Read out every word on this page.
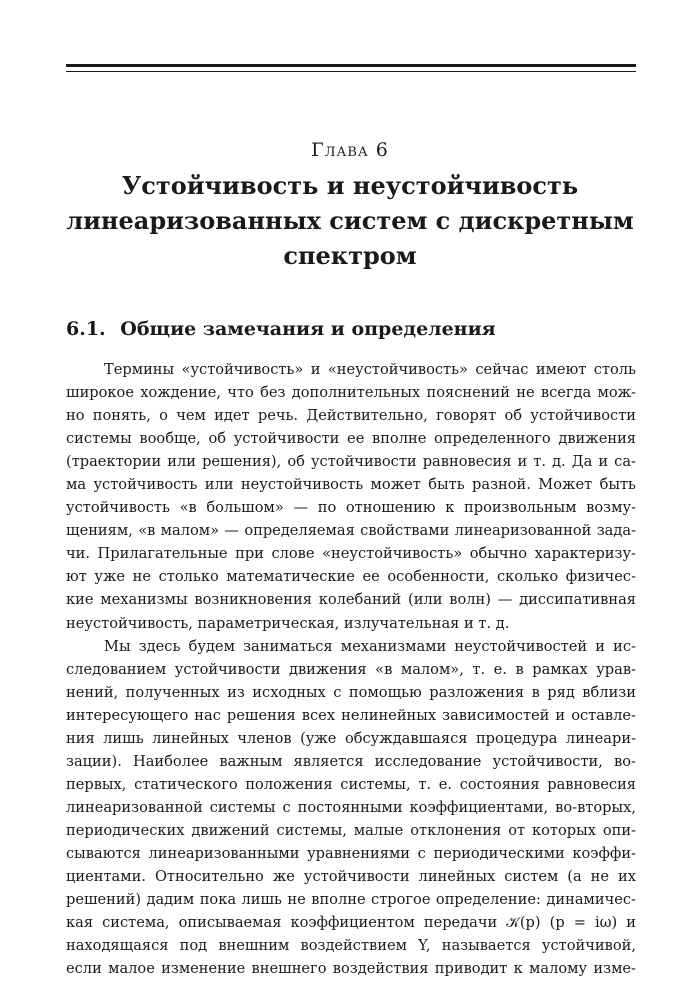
Глава 6
Устойчивость и неустойчивость
линеаризованных систем с дискретным
спектром
6.1. Общие замечания и определения
Термины «устойчивость» и «неустойчивость» сейчас имеют столь
широкое хождение, что без дополнительных пояснений не всегда мож-
но понять, о чем идет речь. Действительно, говорят об устойчивости
системы вообще, об устойчивости ее вполне определенного движения
(траектории или решения), об устойчивости равновесия и т. д. Да и са-
ма устойчивость или неустойчивость может быть разной. Может быть
устойчивость «в большом» — по отношению к произвольным возму-
щениям, «в малом» — определяемая свойствами линеаризованной зада-
чи. Прилагательные при слове «неустойчивость» обычно характеризу-
ют уже не столько математические ее особенности, сколько физичес-
кие механизмы возникновения колебаний (или волн) — диссипативная
неустойчивость, параметрическая, излучательная и т. д.
Мы здесь будем заниматься механизмами неустойчивостей и ис-
следованием устойчивости движения «в малом», т. е. в рамках урав-
нений, полученных из исходных с помощью разложения в ряд вблизи
интересующего нас решения всех нелинейных зависимостей и оставле-
ния лишь линейных членов (уже обсуждавшаяся процедура линеари-
зации). Наиболее важным является исследование устойчивости, во-
первых, статического положения системы, т. е. состояния равновесия
линеаризованной системы с постоянными коэффициентами, во-вторых,
периодических движений системы, малые отклонения от которых опи-
сываются линеаризованными уравнениями с периодическими коэффи-
циентами. Относительно же устойчивости линейных систем (а не их
решений) дадим пока лишь не вполне строгое определение: динамичес-
кая система, описываемая коэффициентом передачи 𝒦(p) (p = iω) и
находящаяся под внешним воздействием Y, называется устойчивой,
если малое изменение внешнего воздействия приводит к малому изме-
